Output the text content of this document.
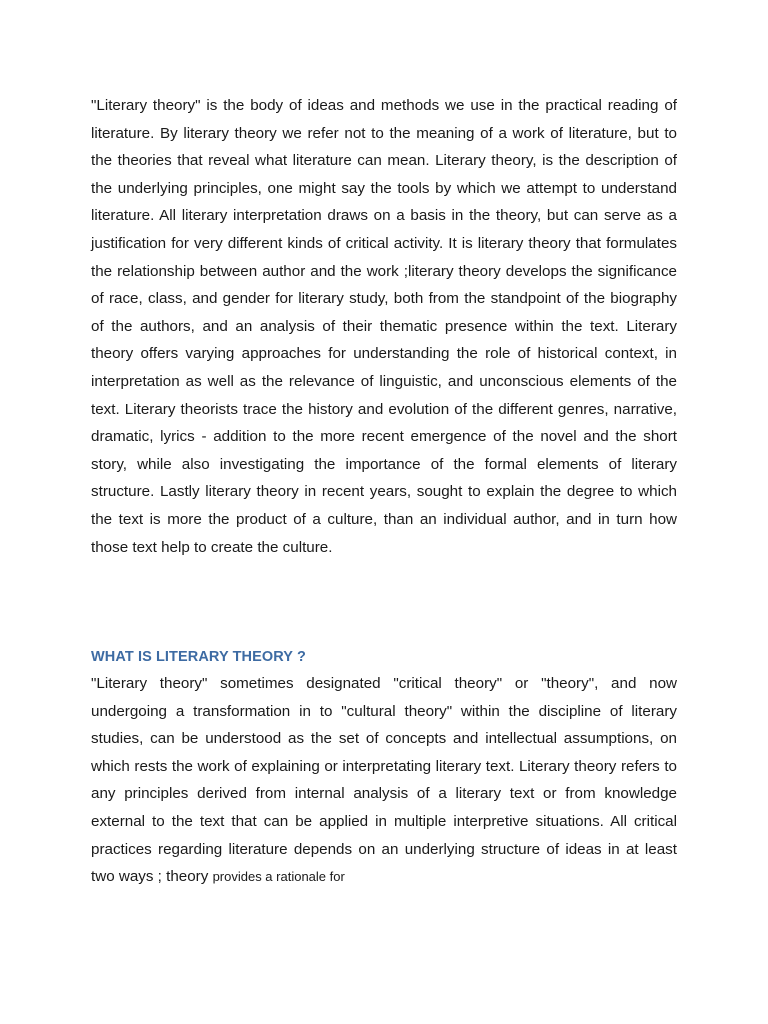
"Literary theory" is the body of ideas and methods we use in the practical reading of literature. By literary theory we refer not to the meaning of a work of literature, but to the theories that reveal what literature can mean. Literary theory, is the description of the underlying principles, one might say the tools by which we attempt to understand literature. All literary interpretation draws on a basis in the theory, but can serve as a justification for very different kinds of critical activity. It is literary theory that formulates the relationship between author and the work ;literary theory develops the significance of race, class, and gender for literary study, both from the standpoint of the biography of the authors, and an analysis of their thematic presence within the text. Literary theory offers varying approaches for understanding the role of historical context, in interpretation as well as the relevance of linguistic, and unconscious elements of the text. Literary theorists trace the history and evolution of the different genres, narrative, dramatic, lyrics - addition to the more recent emergence of the novel and the short story, while also investigating the importance of the formal elements of literary structure. Lastly literary theory in recent years, sought to explain the degree to which the text is more the product of a culture, than an individual author, and in turn how those text help to create the culture.

WHAT IS LITERARY THEORY ?

"Literary theory" sometimes designated "critical theory" or "theory", and now undergoing a transformation in to "cultural theory" within the discipline of literary studies, can be understood as the set of concepts and intellectual assumptions, on which rests the work of explaining or interpretating literary text. Literary theory refers to any principles derived from internal analysis of a literary text or from knowledge external to the text that can be applied in multiple interpretive situations. All critical practices regarding literature depends on an underlying structure of ideas in at least two ways ; theory provides a rationale for
